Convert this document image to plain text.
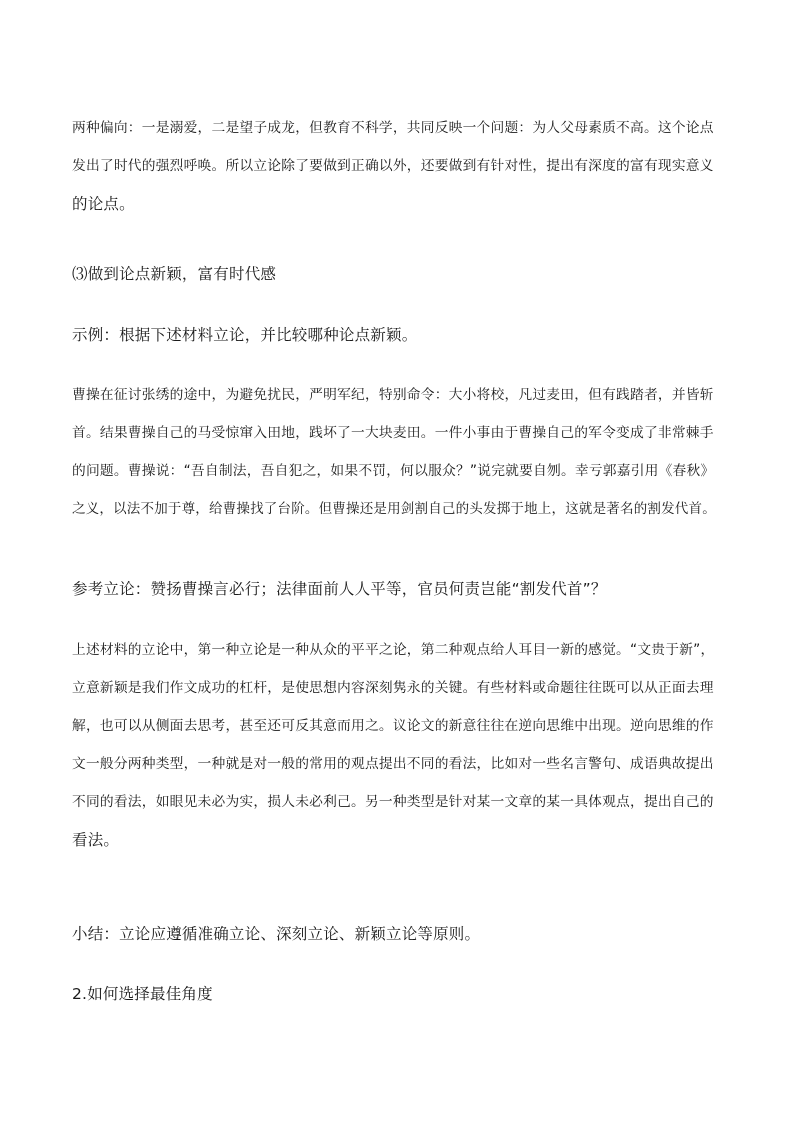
两种偏向：一是溺爱，二是望子成龙，但教育不科学，共同反映一个问题：为人父母素质不高。这个论点
发出了时代的强烈呼唤。所以立论除了要做到正确以外，还要做到有针对性，提出有深度的富有现实意义
的论点。
⑶做到论点新颖，富有时代感
示例：根据下述材料立论，并比较哪种论点新颖。
曹操在征讨张绣的途中，为避免扰民，严明军纪，特别命令：大小将校，凡过麦田，但有践踏者，并皆斩
首。结果曹操自己的马受惊窜入田地，践坏了一大块麦田。一件小事由于曹操自己的军令变成了非常棘手
的问题。曹操说：“吾自制法，吾自犯之，如果不罚，何以服众？”说完就要自刎。幸亏郭嘉引用《春秋》
之义，以法不加于尊，给曹操找了台阶。但曹操还是用剑割自己的头发掷于地上，这就是著名的割发代首。
参考立论：赞扬曹操言必行；法律面前人人平等，官员何责岂能“割发代首”？
上述材料的立论中，第一种立论是一种从众的平平之论，第二种观点给人耳目一新的感觉。“文贵于新”，
立意新颖是我们作文成功的杠杆，是使思想内容深刻隽永的关键。有些材料或命题往往既可以从正面去理
解，也可以从侧面去思考，甚至还可反其意而用之。议论文的新意往往在逆向思维中出现。逆向思维的作
文一般分两种类型，一种就是对一般的常用的观点提出不同的看法，比如对一些名言警句、成语典故提出
不同的看法，如眼见未必为实，损人未必利己。另一种类型是针对某一文章的某一具体观点，提出自己的
看法。
小结：立论应遵循准确立论、深刻立论、新颖立论等原则。
2.如何选择最佳角度
